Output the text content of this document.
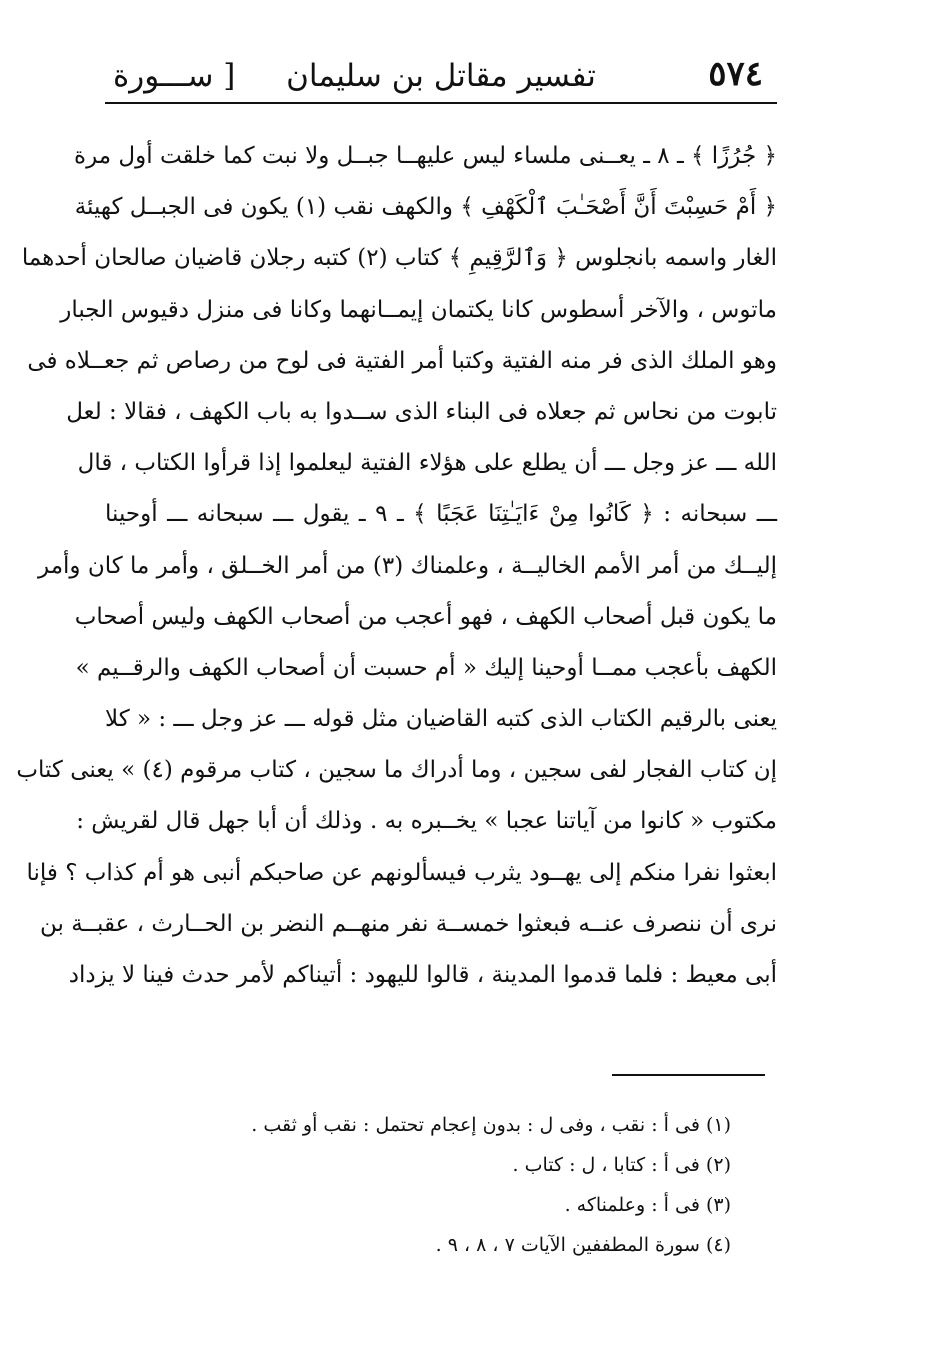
٥٧٤
تفسير مقاتل بن سليمان
[ ســـورة
﴿ جُرُزًا ﴾ ـ ٨ ـ يعــنى ملساء ليس عليهــا جبــل ولا نبت كما خلقت أول مرة
﴿ أَمْ حَسِبْتَ أَنَّ أَصْحَـٰبَ ٱلْكَهْفِ ﴾ والكهف نقب (١) يكون فى الجبــل كهيئة
الغار واسمه بانجلوس ﴿ وَٱلرَّقِيمِ ﴾ كتاب (٢) كتبه رجلان قاضيان صالحان أحدهما
ماتوس ، والآخر أسطوس كانا يكتمان إيمــانهما وكانا فى منزل دقيوس الجبار
وهو الملك الذى فر منه الفتية وكتبا أمر الفتية فى لوح من رصاص ثم جعــلاه فى
تابوت من نحاس ثم جعلاه فى البناء الذى ســدوا به باب الكهف ، فقالا : لعل
الله ـــ عز وجل ـــ أن يطلع على هؤلاء الفتية ليعلموا إذا قرأوا الكتاب ، قال
ـــ سبحانه : ﴿ كَانُوا مِنْ ءَايَـٰتِنَا عَجَبًا ﴾ ـ ٩ ـ يقول ـــ سبحانه ـــ أوحينا
إليــك من أمر الأمم الخاليــة ، وعلمناك (٣) من أمر الخــلق ، وأمر ما كان وأمر
ما يكون قبل أصحاب الكهف ، فهو أعجب من أصحاب الكهف وليس أصحاب
الكهف بأعجب ممــا أوحينا إليك « أم حسبت أن أصحاب الكهف والرقــيم »
يعنى بالرقيم الكتاب الذى كتبه القاضيان مثل قوله ـــ عز وجل ـــ : « كلا
إن كتاب الفجار لفى سجين ، وما أدراك ما سجين ، كتاب مرقوم (٤) » يعنى كتاب
مكتوب « كانوا من آياتنا عجبا » يخــبره به . وذلك أن أبا جهل قال لقريش :
ابعثوا نفرا منكم إلى يهــود يثرب فيسألونهم عن صاحبكم أنبى هو أم كذاب ؟ فإنا
نرى أن ننصرف عنــه فبعثوا خمســة نفر منهــم النضر بن الحــارث ، عقبــة بن
أبى معيط : فلما قدموا المدينة ، قالوا لليهود : أتيناكم لأمر حدث فينا لا يزداد
(١) فى أ : نقب ، وفى ل : بدون إعجام تحتمل : نقب أو ثقب .
(٢) فى أ : كتابا ، ل : كتاب .
(٣) فى أ : وعلمناكه .
(٤) سورة المطففين الآيات ٧ ، ٨ ، ٩ .
